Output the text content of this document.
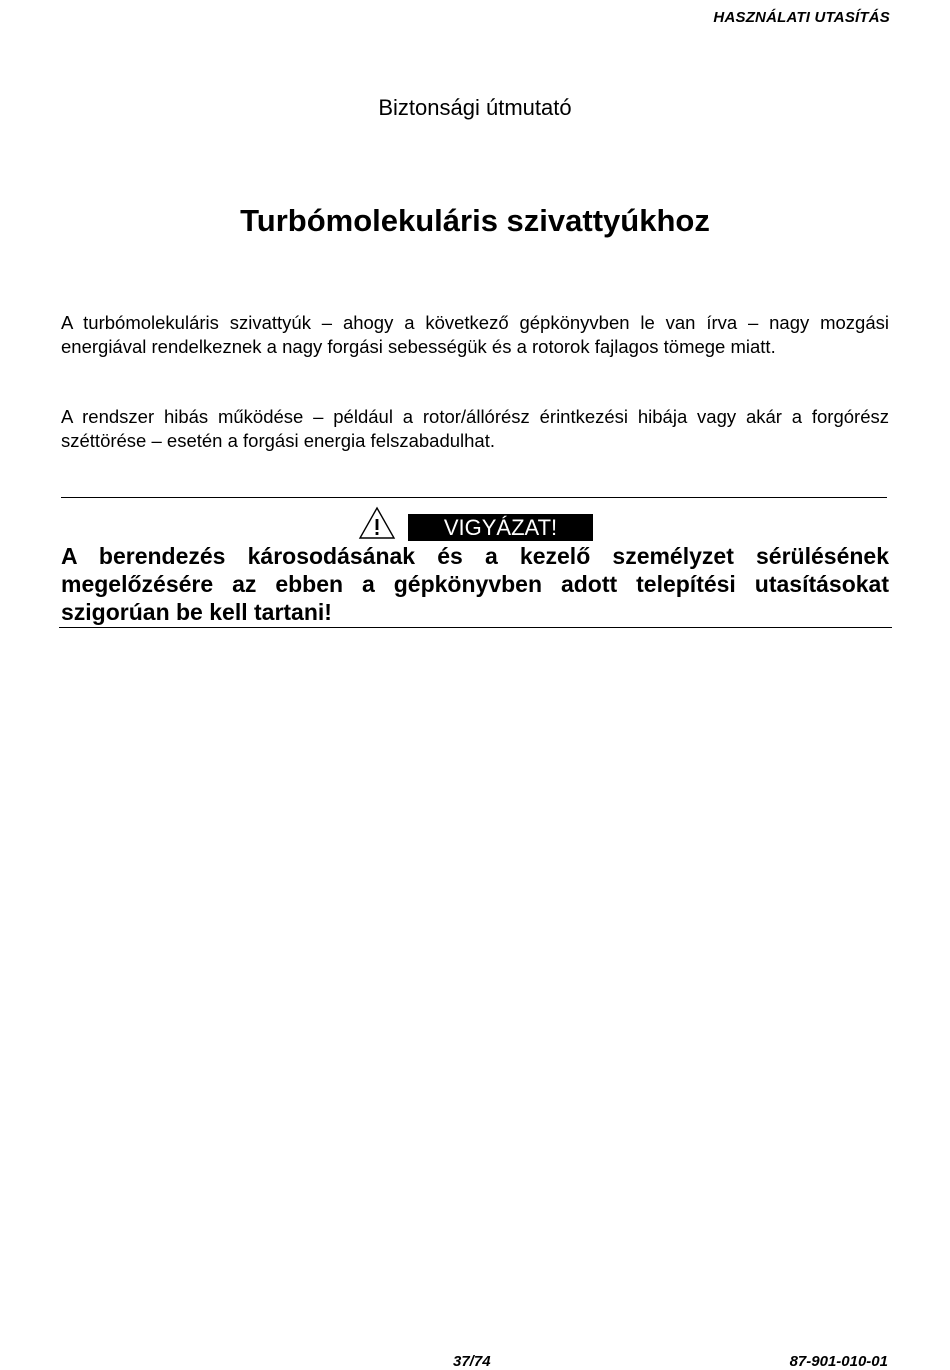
HASZNÁLATI UTASÍTÁS
Biztonsági útmutató
Turbómolekuláris szivattyúkhoz

A turbómolekuláris szivattyúk – ahogy a következő gépkönyvben le van írva – nagy mozgási energiával rendelkeznek a nagy forgási sebességük és a rotorok fajlagos tömege miatt.

A rendszer hibás működése – például a rotor/állórész érintkezési hibája vagy akár a forgórész széttörése – esetén a forgási energia felszabadulhat.

VIGYÁZAT!

A berendezés károsodásának és a kezelő személyzet sérülésének megelőzésére az ebben a gépkönyvben adott telepítési utasításokat szigorúan be kell tartani!

37/74	87-901-010-01
